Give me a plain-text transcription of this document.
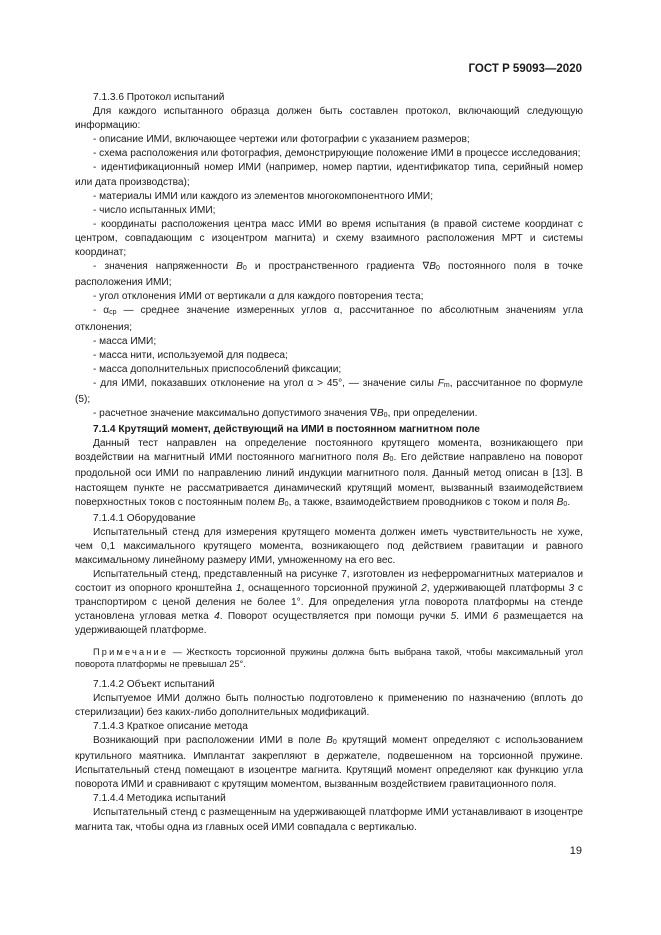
ГОСТ Р 59093—2020

7.1.3.6 Протокол испытаний

Для каждого испытанного образца должен быть составлен протокол, включающий следующую информацию:

- описание ИМИ, включающее чертежи или фотографии с указанием размеров;

- схема расположения или фотография, демонстрирующие положение ИМИ в процессе исследования;

- идентификационный номер ИМИ (например, номер партии, идентификатор типа, серийный номер или дата производства);

- материалы ИМИ или каждого из элементов многокомпонентного ИМИ;

- число испытанных ИМИ;

- координаты расположения центра масс ИМИ во время испытания (в правой системе координат с центром, совпадающим с изоцентром магнита) и схему взаимного расположения МРТ и системы координат;

- значения напряженности B0 и пространственного градиента ∇B0 постоянного поля в точке расположения ИМИ;

- угол отклонения ИМИ от вертикали α для каждого повторения теста;

- αср — среднее значение измеренных углов α, рассчитанное по абсолютным значениям угла отклонения;

- масса ИМИ;

- масса нити, используемой для подвеса;

- масса дополнительных приспособлений фиксации;

- для ИМИ, показавших отклонение на угол α > 45°, — значение силы Fm, рассчитанное по формуле (5);

- расчетное значение максимально допустимого значения ∇B0, при определении.

7.1.4 Крутящий момент, действующий на ИМИ в постоянном магнитном поле

Данный тест направлен на определение постоянного крутящего момента, возникающего при воздействии на магнитный ИМИ постоянного магнитного поля B0. Его действие направлено на поворот продольной оси ИМИ по направлению линий индукции магнитного поля. Данный метод описан в [13]. В настоящем пункте не рассматривается динамический крутящий момент, вызванный взаимодействием поверхностных токов с постоянным полем B0, а также, взаимодействием проводников с током и поля B0.

7.1.4.1 Оборудование

Испытательный стенд для измерения крутящего момента должен иметь чувствительность не хуже, чем 0,1 максимального крутящего момента, возникающего под действием гравитации и равного максимальному линейному размеру ИМИ, умноженному на его вес.

Испытательный стенд, представленный на рисунке 7, изготовлен из неферромагнитных материалов и состоит из опорного кронштейна 1, оснащенного торсионной пружиной 2, удерживающей платформы 3 с транспортиром с ценой деления не более 1°. Для определения угла поворота платформы на стенде установлена угловая метка 4. Поворот осуществляется при помощи ручки 5. ИМИ 6 размещается на удерживающей платформе.

Примечание — Жесткость торсионной пружины должна быть выбрана такой, чтобы максимальный угол поворота платформы не превышал 25°.

7.1.4.2 Объект испытаний

Испытуемое ИМИ должно быть полностью подготовлено к применению по назначению (вплоть до стерилизации) без каких-либо дополнительных модификаций.

7.1.4.3 Краткое описание метода

Возникающий при расположении ИМИ в поле B0 крутящий момент определяют с использованием крутильного маятника. Имплантат закрепляют в держателе, подвешенном на торсионной пружине. Испытательный стенд помещают в изоцентре магнита. Крутящий момент определяют как функцию угла поворота ИМИ и сравнивают с крутящим моментом, вызванным воздействием гравитационного поля.

7.1.4.4 Методика испытаний

Испытательный стенд с размещенным на удерживающей платформе ИМИ устанавливают в изоцентре магнита так, чтобы одна из главных осей ИМИ совпадала с вертикалью.

19
